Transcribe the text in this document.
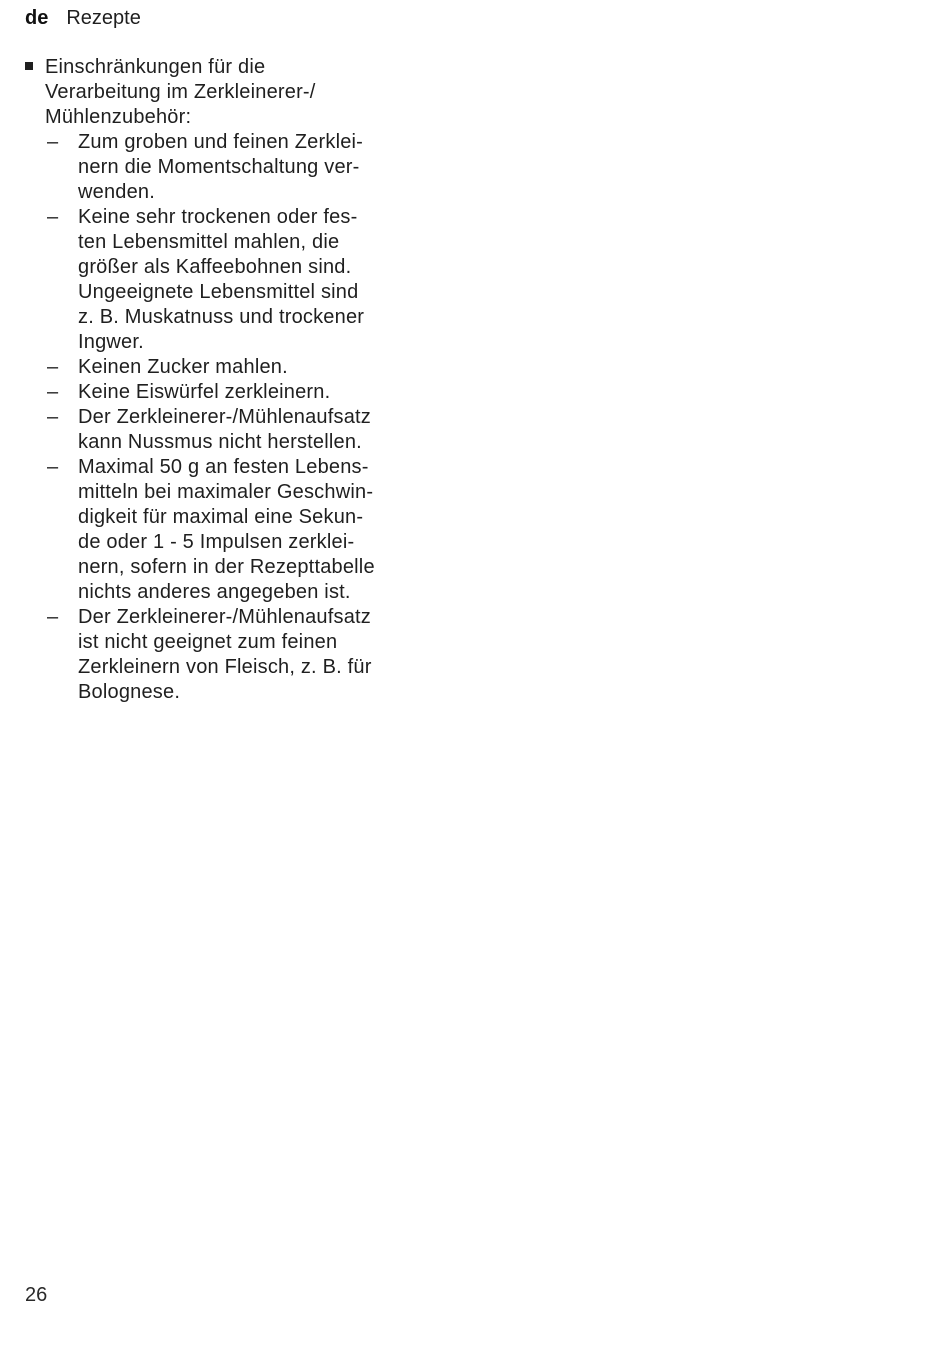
de Rezepte
Einschränkungen für die
Verarbeitung im Zerkleinerer-/
Mühlenzubehör:
– Zum groben und feinen Zerklei-
nern die Momentschaltung ver-
wenden.
– Keine sehr trockenen oder fes-
ten Lebensmittel mahlen, die
größer als Kaffeebohnen sind.
Ungeeignete Lebensmittel sind
z. B. Muskatnuss und trockener
Ingwer.
– Keinen Zucker mahlen.
– Keine Eiswürfel zerkleinern.
– Der Zerkleinerer-/Mühlenaufsatz
kann Nussmus nicht herstellen.
– Maximal 50 g an festen Lebens-
mitteln bei maximaler Geschwin-
digkeit für maximal eine Sekun-
de oder 1 - 5 Impulsen zerklei-
nern, sofern in der Rezepttabelle
nichts anderes angegeben ist.
– Der Zerkleinerer-/Mühlenaufsatz
ist nicht geeignet zum feinen
Zerkleinern von Fleisch, z. B. für
Bolognese.
26
